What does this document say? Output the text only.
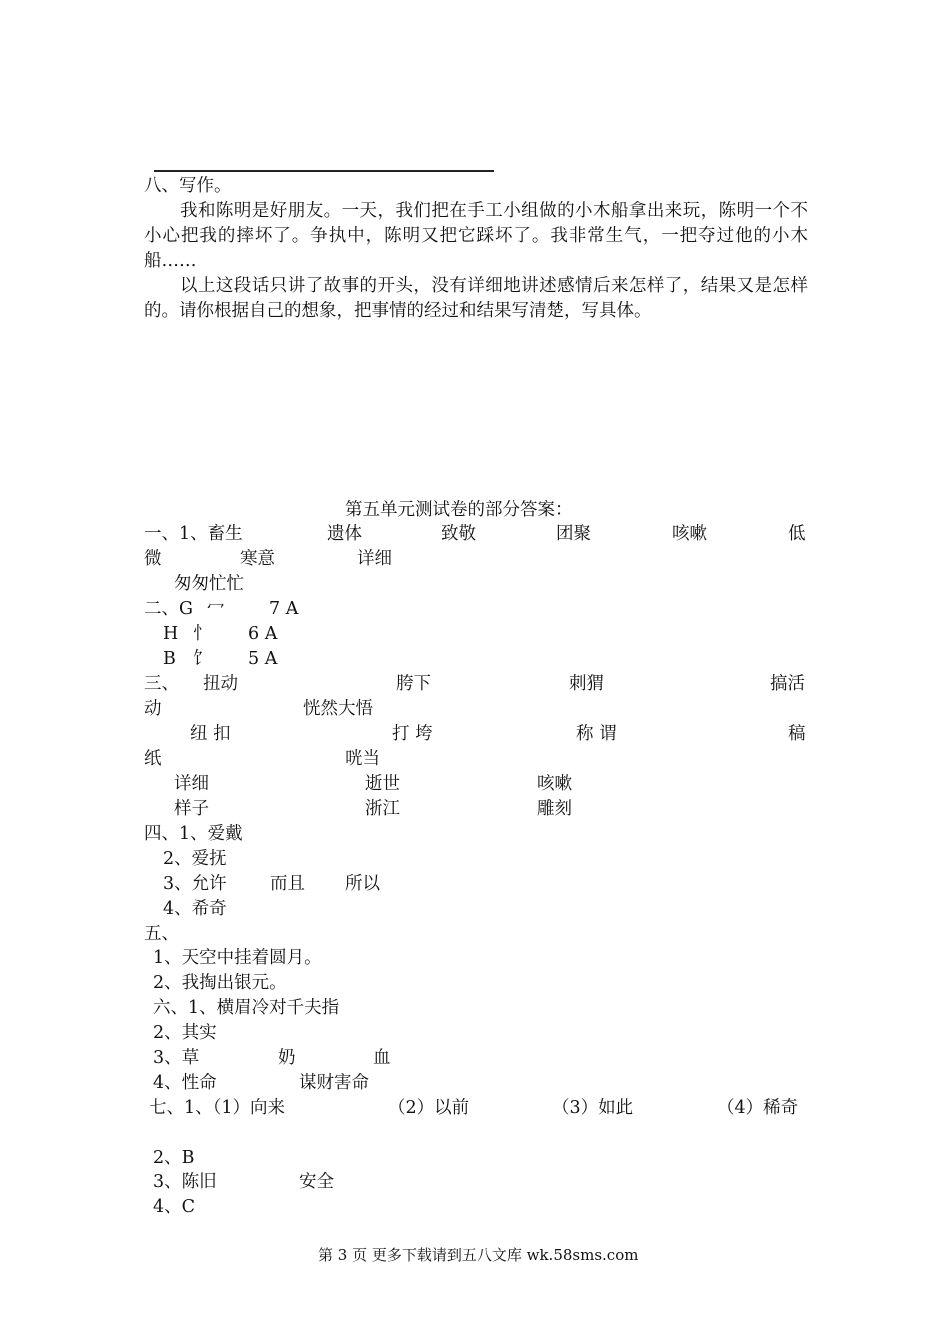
八、写作。
我和陈明是好朋友。一天，我们把在手工小组做的小木船拿出来玩，陈明一个不小心把我的摔坏了。争执中，陈明又把它踩坏了。我非常生气，一把夺过他的小木船……
以上这段话只讲了故事的开头，没有详细地讲述感情后来怎样了，结果又是怎样的。请你根据自己的想象，把事情的经过和结果写清楚，写具体。
第五单元测试卷的部分答案：
一、1、畜生	遗体	致敬	团聚	咳嗽	低
微	寒意	详细
匆匆忙忙
二、G 冖	7 A
H 忄 6 A
B 饣 5 A
三、 扭动	胯下	刺猬	搞活
动	恍然大悟
纽 扣	打 垮	称 谓	稿
纸	咣当
详细	逝世	咳嗽
样子	浙江	雕刻
四、1、爱戴
2、爱抚
3、允许 而且 所以
4、希奇
五、
1、天空中挂着圆月。
2、我掏出银元。
六、1、横眉冷对千夫指
2、其实
3、草	奶	血
4、性命	谋财害命
七、1、（1）向来	（2）以前	（3）如此	（4）稀奇
2、B
3、陈旧	安全
4、C
第 3 页 更多下载请到五八文库 wk.58sms.com
